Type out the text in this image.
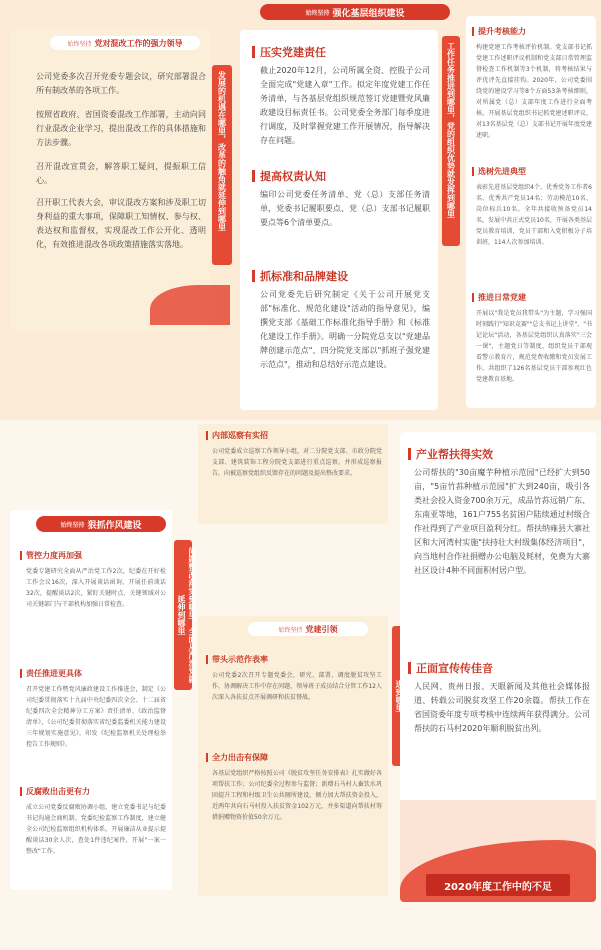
始终坚持 强化基层组织建设
始终坚持 党对混改工作的强力领导
公司党委多次召开党委专题会议，研究部署混合所有制改革的各项工作。
按照省政府、省国资委混改工作部署，主动向同行业混改企业学习，提出混改工作的具体措施和方法步骤。
召开混改宣贯会，解答职工疑问，提振职工信心。
召开职工代表大会，审议混改方案和涉及职工切身利益的重大事项，保障职工知情权、参与权、表达权和监督权，实现混改工作公开化、透明化，有效推进混改各项政策措施落实落地。
发展的机遇在哪里，改革的触角就延伸到哪里
压实党建责任
截止2020年12月，公司所属全资、控股子公司全面完成"党建入章"工作。拟定年度党建工作任务清单，与各基层党组织规范签订党建暨党风廉政建设目标责任书。公司党委全务部门每季度进行调度，及时掌握党建工作开展情况，指导解决存在问题。
提高权责认知
编印公司党委任务清单、党（总）支部任务清单，党委书记履职要点、党（总）支部书记履职要点等6个清单要点。
抓标准和品牌建设
公司党委先后研究制定《关于公司开展党支部"标准化、规范化建设"活动的指导意见》，编撰党支部《基础工作标准化指导手册》和《标准化建设工作手册》。明确一分院党总支以"党建品牌创建示范点"、四分院党支部以"抓班子强党建示范点"，推动和总结好示范点建设。
工作任务推进到哪里，党的组织优势就发挥到哪里
提升考核能力
构建党建工作考核评价机制。党支部书记抓党建工作述职评议机制和党支部日常管理监督检查工作机制等3个机制，将考核结果与评优评先直接挂钩。2020年，公司党委围绕党的建设学习等8个方面53条考核细则，对所属党（总）支部年度工作进行全面考核。开展基层党组织书记抓党建述职评议，对13名基层党（总）支部书记开展年度党建述职。
选树先进典型
表彰先进基层党组织4个、优秀党务工作者6名、优秀共产党员14名；劳动模范10名、岗位标兵10名。全年共接收预备党员14名，发展中共正式党员10名，开展各类基层党员教育培训，党员干部和入党积极分子培训班，114人次参加培训。
推进日常党建
开展以"我是党员我带头"为主题，学习强国时刻践行"知识竞赛""总支书记上讲堂"、"书记论坛"活动，各基层党组织认真落实"三会一课"，主题党日等制度，组织党员干部观看警示教育片，规范党费收缴和党员发展工作，共组织了126名基层党员干部参观红色党建教育基地。
始终坚持 狠抓作风建设
管控力度再加强
党委专题研究全面从严治党工作2次，纪委在开好检工作会议16次，深入开展谈话函询，开展任前谈话32次，提醒谈话2次，紧盯关键时点、关键领域对公司关键部门与干部机构加强日常检查。
责任推进更具体
召开党建工作暨党风廉政建设工作推进会，制定《公司纪委贯彻落实十九届中央纪委四次全会、十二届省纪委四次全会精神分工方案》责任清单、《政治监督清单》，《公司纪委贯彻落实省纪委监委机关能力建设三年规划实施意见》，印发《纪检监察机关处理检举控告工作规则》。
反腐败出击更有力
成立公司党委反腐败协调小组，建立党委书记与纪委书记沟通会商机制、党委纪检监察工作制度，建立健全公司纪检监察组织机构体系。开展廉洁从业提示提醒谈话30余人次，查处1件违纪案件，开展"一案一整改"工作。
问题整改落实到哪里，全面从严治党就延伸到哪里
内部巡察有实招
公司党委成立巡察工作领导小组，对二分院党支部、市政分院党支部、建筑装饰工程分院党支部进行重点巡察，并形成巡察报告，向被巡察党组织反馈存在的问题及提出整改要求。
始终坚持 党建引领
带头示范作表率
公司党委2次召开专题党委会，研究、部署、调度脱贫攻坚工作，协调解决工作中存在问题，领导班子成员结合分管工作12人次深入各扶贫点开展调研和扶贫督战。
全力出击有保障
各基层党组织严格按照公司《脱贫攻坚任务安排表》扎实做好各项帮扶工作；公司纪委全过程参与监督；新增石马村人畜饮水巩固提升工程和村级卫生公共厕所建设，倾力加大帮扶资金投入，近两年共向石马村投入扶贫资金102万元，并多渠道向帮扶村筹措捐赠物资价值50余万元。
产业帮扶得实效
公司帮扶的"30亩魔芋种植示范园"已经扩大到50亩，"5亩竹荪种植示范园"扩大到240亩，吸引各类社会投入资金700余万元，成品竹荪远销广东、东南亚等地，161户755名贫困户陆续通过村级合作社得到了产业项目盈利分红。帮扶纳雍县大寨社区和大河湾村实施"扶持壮大村级集体经济项目"，向当地村合作社捐赠办公电脑及耗材，免费为大寨社区设计4种不同面积村居户型。
正面宣传传佳音
人民网、贵州日报、天眼新闻及其他社会媒体报道、转载公司脱贫攻坚工作20余篇。帮扶工作在省国资委年度专项考核中连续两年获得满分。公司帮扶的石马村2020年顺利脱贫出列。
2020年度工作中的不足
